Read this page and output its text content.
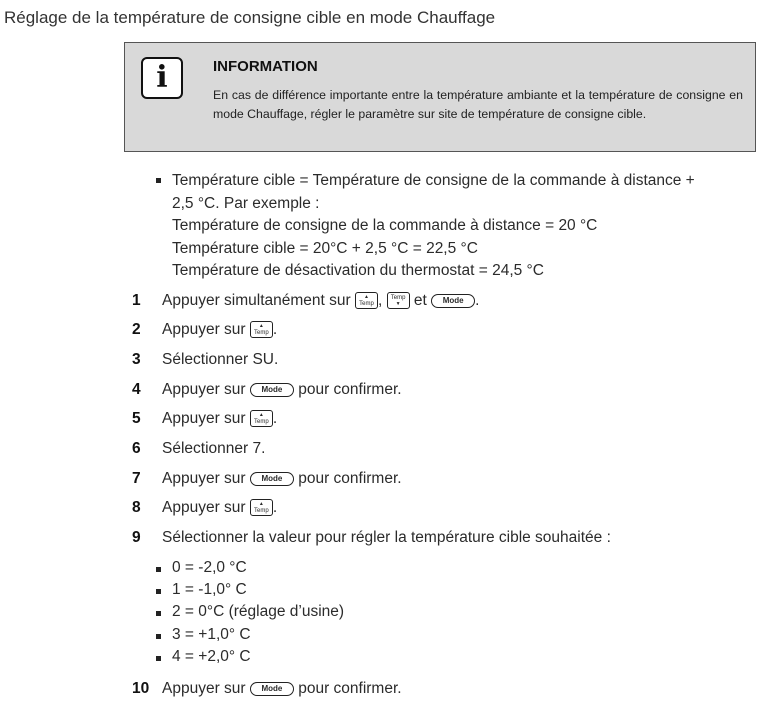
Réglage de la température de consigne cible en mode Chauffage
i	INFORMATION
En cas de différence importante entre la température ambiante et la température de consigne en mode Chauffage, régler le paramètre sur site de température de consigne cible.
Température cible = Température de consigne de la commande à distance +
2,5 °C. Par exemple :
Température de consigne de la commande à distance = 20 °C
Température cible = 20°C + 2,5 °C = 22,5 °C
Température de désactivation du thermostat = 24,5 °C
1 Appuyer simultanément sur	▲
Temp ,	Temp
▼ et Mode .
2 Appuyer sur	▲
Temp .
3 Sélectionner SU.
4 Appuyer sur Mode pour confirmer.
5 Appuyer sur	▲
Temp .
6 Sélectionner 7.
7 Appuyer sur Mode pour confirmer.
8 Appuyer sur	▲
Temp .
9 Sélectionner la valeur pour régler la température cible souhaitée :
0 = -2,0 °C
1 = -1,0° C
2 = 0°C (réglage d’usine)
3 = +1,0° C
4 = +2,0° C
10 Appuyer sur Mode pour confirmer.
